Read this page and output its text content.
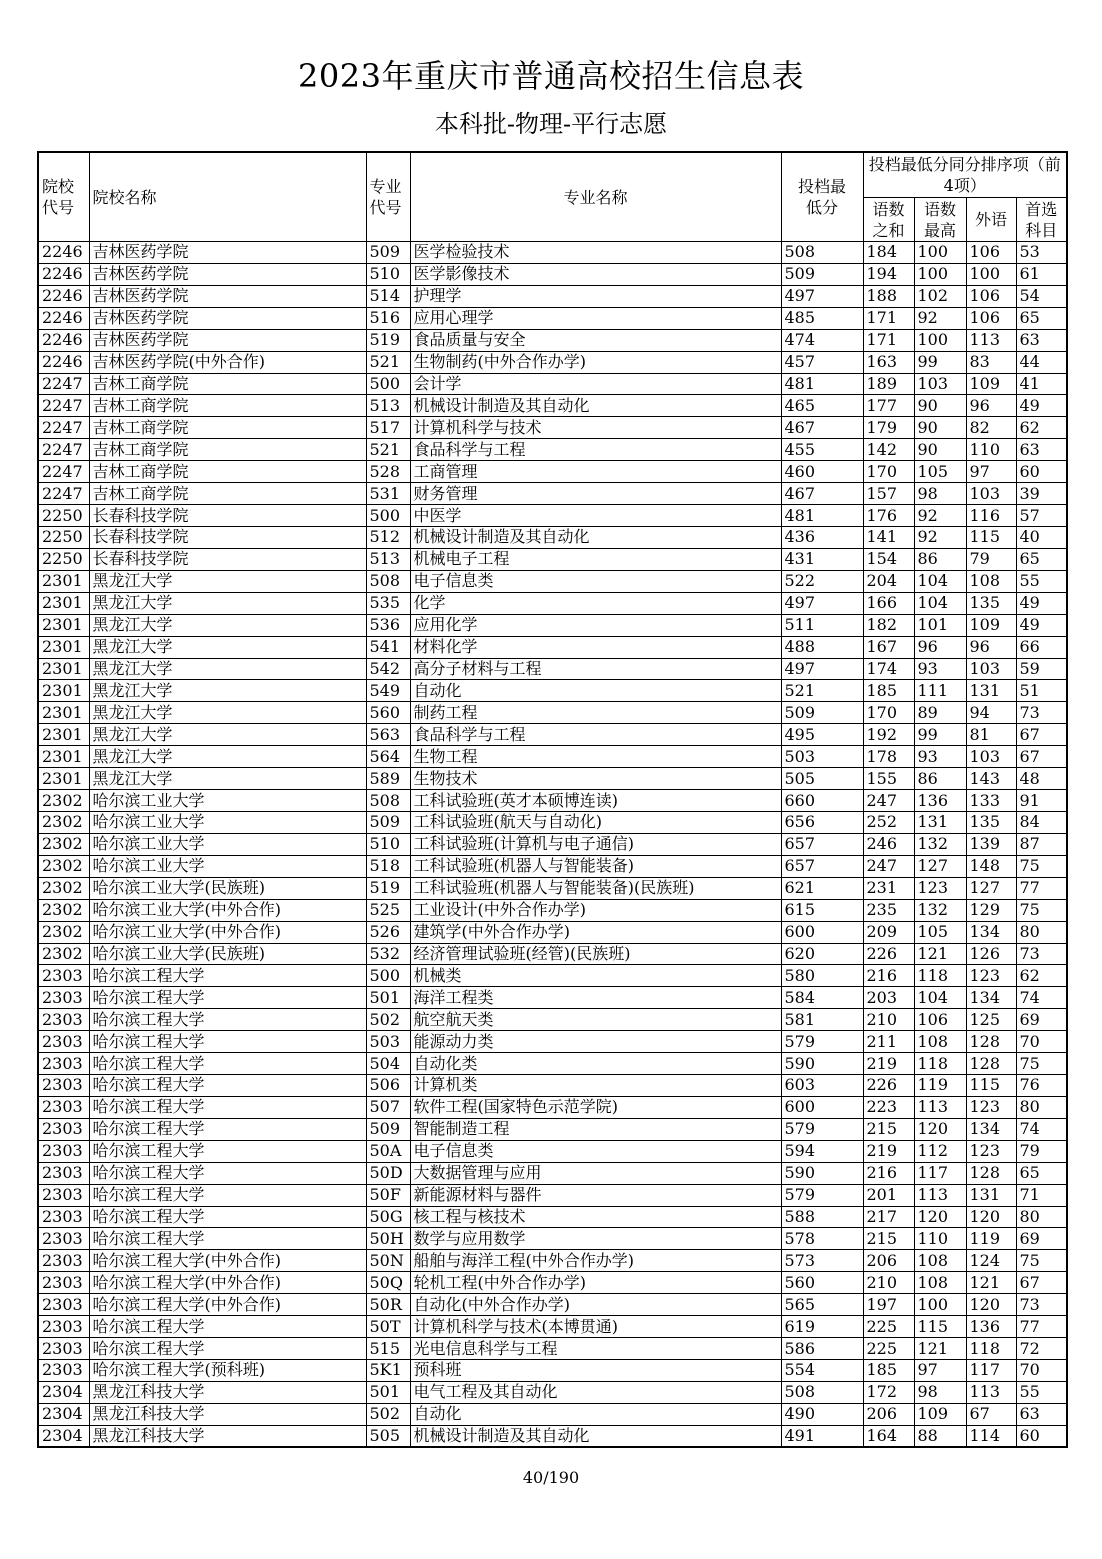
2023年重庆市普通高校招生信息表
本科批-物理-平行志愿
院校代号	院校名称	专业代号	专业名称	投档最低分	投档最低分同分排序项（前4项）			
					语数之和	语数最高	外语	首选科目
2246	吉林医药学院	509	医学检验技术	508	184	100	106	53
2246	吉林医药学院	510	医学影像技术	509	194	100	100	61
2246	吉林医药学院	514	护理学	497	188	102	106	54
2246	吉林医药学院	516	应用心理学	485	171	92	106	65
2246	吉林医药学院	519	食品质量与安全	474	171	100	113	63
2246	吉林医药学院(中外合作)	521	生物制药(中外合作办学)	457	163	99	83	44
2247	吉林工商学院	500	会计学	481	189	103	109	41
2247	吉林工商学院	513	机械设计制造及其自动化	465	177	90	96	49
2247	吉林工商学院	517	计算机科学与技术	467	179	90	82	62
2247	吉林工商学院	521	食品科学与工程	455	142	90	110	63
2247	吉林工商学院	528	工商管理	460	170	105	97	60
2247	吉林工商学院	531	财务管理	467	157	98	103	39
2250	长春科技学院	500	中医学	481	176	92	116	57
2250	长春科技学院	512	机械设计制造及其自动化	436	141	92	115	40
2250	长春科技学院	513	机械电子工程	431	154	86	79	65
2301	黑龙江大学	508	电子信息类	522	204	104	108	55
2301	黑龙江大学	535	化学	497	166	104	135	49
2301	黑龙江大学	536	应用化学	511	182	101	109	49
2301	黑龙江大学	541	材料化学	488	167	96	96	66
2301	黑龙江大学	542	高分子材料与工程	497	174	93	103	59
2301	黑龙江大学	549	自动化	521	185	111	131	51
2301	黑龙江大学	560	制药工程	509	170	89	94	73
2301	黑龙江大学	563	食品科学与工程	495	192	99	81	67
2301	黑龙江大学	564	生物工程	503	178	93	103	67
2301	黑龙江大学	589	生物技术	505	155	86	143	48
2302	哈尔滨工业大学	508	工科试验班(英才本硕博连读)	660	247	136	133	91
2302	哈尔滨工业大学	509	工科试验班(航天与自动化)	656	252	131	135	84
2302	哈尔滨工业大学	510	工科试验班(计算机与电子通信)	657	246	132	139	87
2302	哈尔滨工业大学	518	工科试验班(机器人与智能装备)	657	247	127	148	75
2302	哈尔滨工业大学(民族班)	519	工科试验班(机器人与智能装备)(民族班)	621	231	123	127	77
2302	哈尔滨工业大学(中外合作)	525	工业设计(中外合作办学)	615	235	132	129	75
2302	哈尔滨工业大学(中外合作)	526	建筑学(中外合作办学)	600	209	105	134	80
2302	哈尔滨工业大学(民族班)	532	经济管理试验班(经管)(民族班)	620	226	121	126	73
2303	哈尔滨工程大学	500	机械类	580	216	118	123	62
2303	哈尔滨工程大学	501	海洋工程类	584	203	104	134	74
2303	哈尔滨工程大学	502	航空航天类	581	210	106	125	69
2303	哈尔滨工程大学	503	能源动力类	579	211	108	128	70
2303	哈尔滨工程大学	504	自动化类	590	219	118	128	75
2303	哈尔滨工程大学	506	计算机类	603	226	119	115	76
2303	哈尔滨工程大学	507	软件工程(国家特色示范学院)	600	223	113	123	80
2303	哈尔滨工程大学	509	智能制造工程	579	215	120	134	74
2303	哈尔滨工程大学	50A	电子信息类	594	219	112	123	79
2303	哈尔滨工程大学	50D	大数据管理与应用	590	216	117	128	65
2303	哈尔滨工程大学	50F	新能源材料与器件	579	201	113	131	71
2303	哈尔滨工程大学	50G	核工程与核技术	588	217	120	120	80
2303	哈尔滨工程大学	50H	数学与应用数学	578	215	110	119	69
2303	哈尔滨工程大学(中外合作)	50N	船舶与海洋工程(中外合作办学)	573	206	108	124	75
2303	哈尔滨工程大学(中外合作)	50Q	轮机工程(中外合作办学)	560	210	108	121	67
2303	哈尔滨工程大学(中外合作)	50R	自动化(中外合作办学)	565	197	100	120	73
2303	哈尔滨工程大学	50T	计算机科学与技术(本博贯通)	619	225	115	136	77
2303	哈尔滨工程大学	515	光电信息科学与工程	586	225	121	118	72
2303	哈尔滨工程大学(预科班)	5K1	预科班	554	185	97	117	70
2304	黑龙江科技大学	501	电气工程及其自动化	508	172	98	113	55
2304	黑龙江科技大学	502	自动化	490	206	109	67	63
2304	黑龙江科技大学	505	机械设计制造及其自动化	491	164	88	114	60
40/190
